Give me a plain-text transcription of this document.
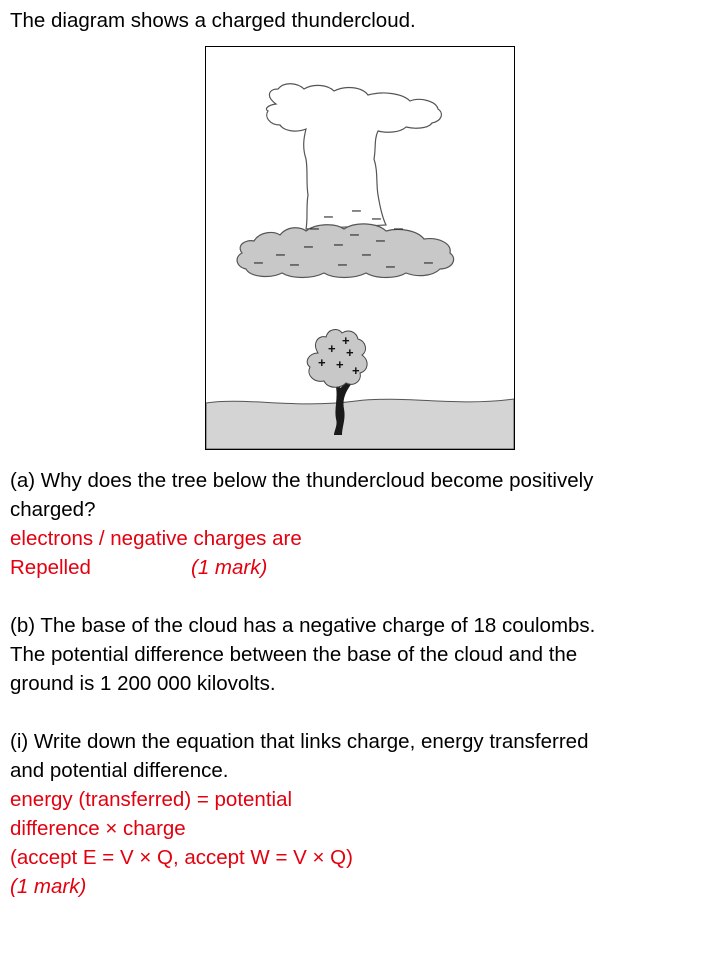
The diagram shows a charged thundercloud.
– – –
– – –
– – –
–	–
– – – – –
+
+ +
+ + +
(a) Why does the tree below the thundercloud become positively
charged?
electrons / negative charges are
Repelled	(1 mark)
(b) The base of the cloud has a negative charge of 18 coulombs.
The potential difference between the base of the cloud and the
ground is 1 200 000 kilovolts.
(i) Write down the equation that links charge, energy transferred
and potential difference.
energy (transferred) = potential
difference × charge
(accept E = V × Q, accept W = V × Q)
(1 mark)
